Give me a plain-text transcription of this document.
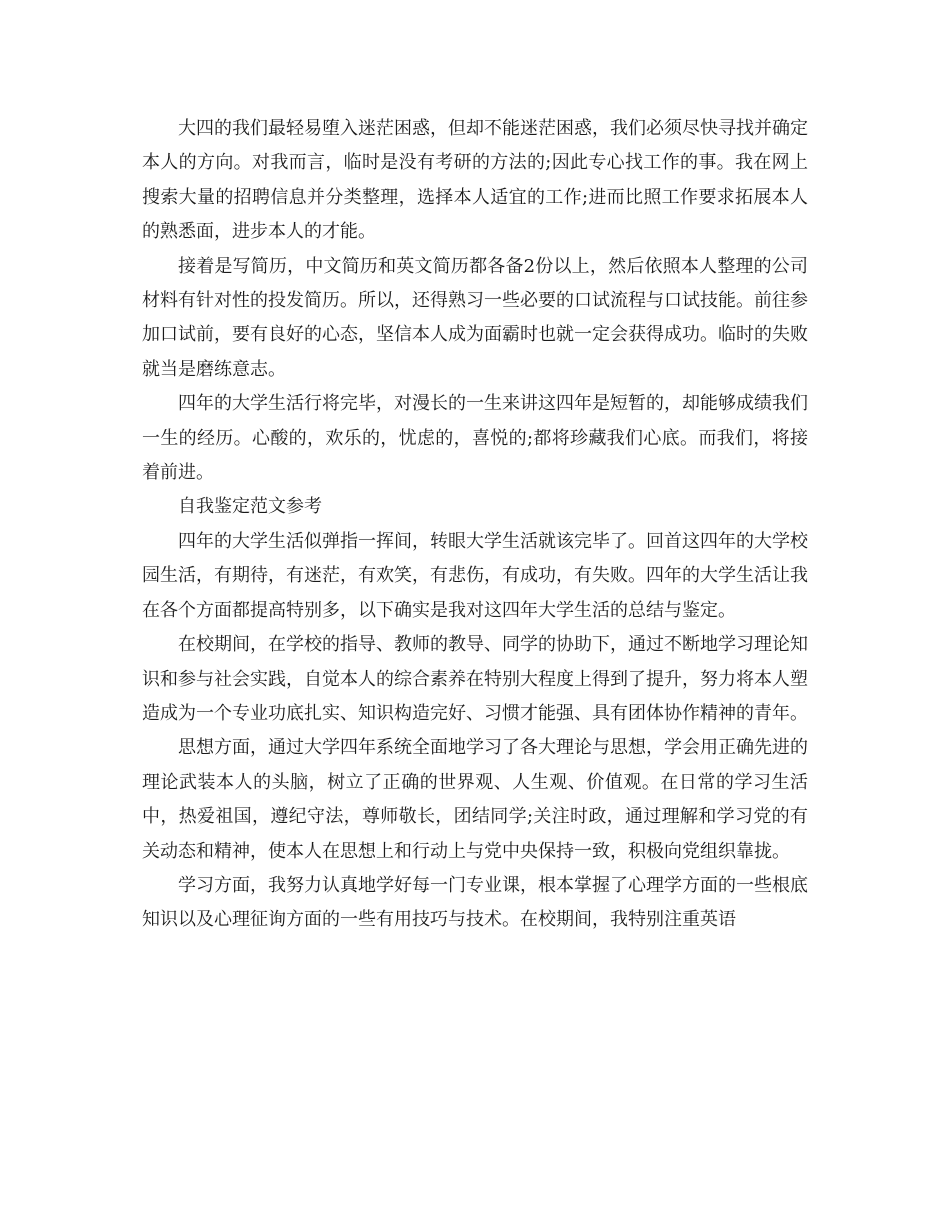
大四的我们最轻易堕入迷茫困惑，但却不能迷茫困惑，我们必须尽快寻找并确定本人的方向。对我而言，临时是没有考研的方法的;因此专心找工作的事。我在网上搜索大量的招聘信息并分类整理，选择本人适宜的工作;进而比照工作要求拓展本人的熟悉面，进步本人的才能。

接着是写简历，中文简历和英文简历都各备2份以上，然后依照本人整理的公司材料有针对性的投发简历。所以，还得熟习一些必要的口试流程与口试技能。前往参加口试前，要有良好的心态，坚信本人成为面霸时也就一定会获得成功。临时的失败就当是磨练意志。

四年的大学生活行将完毕，对漫长的一生来讲这四年是短暂的，却能够成绩我们一生的经历。心酸的，欢乐的，忧虑的，喜悦的;都将珍藏我们心底。而我们，将接着前进。

自我鉴定范文参考

四年的大学生活似弹指一挥间，转眼大学生活就该完毕了。回首这四年的大学校园生活，有期待，有迷茫，有欢笑，有悲伤，有成功，有失败。四年的大学生活让我在各个方面都提高特别多，以下确实是我对这四年大学生活的总结与鉴定。

在校期间，在学校的指导、教师的教导、同学的协助下，通过不断地学习理论知识和参与社会实践，自觉本人的综合素养在特别大程度上得到了提升，努力将本人塑造成为一个专业功底扎实、知识构造完好、习惯才能强、具有团体协作精神的青年。

思想方面，通过大学四年系统全面地学习了各大理论与思想，学会用正确先进的理论武装本人的头脑，树立了正确的世界观、人生观、价值观。在日常的学习生活中，热爱祖国，遵纪守法，尊师敬长，团结同学;关注时政，通过理解和学习党的有关动态和精神，使本人在思想上和行动上与党中央保持一致，积极向党组织靠拢。

学习方面，我努力认真地学好每一门专业课，根本掌握了心理学方面的一些根底知识以及心理征询方面的一些有用技巧与技术。在校期间，我特别注重英语
